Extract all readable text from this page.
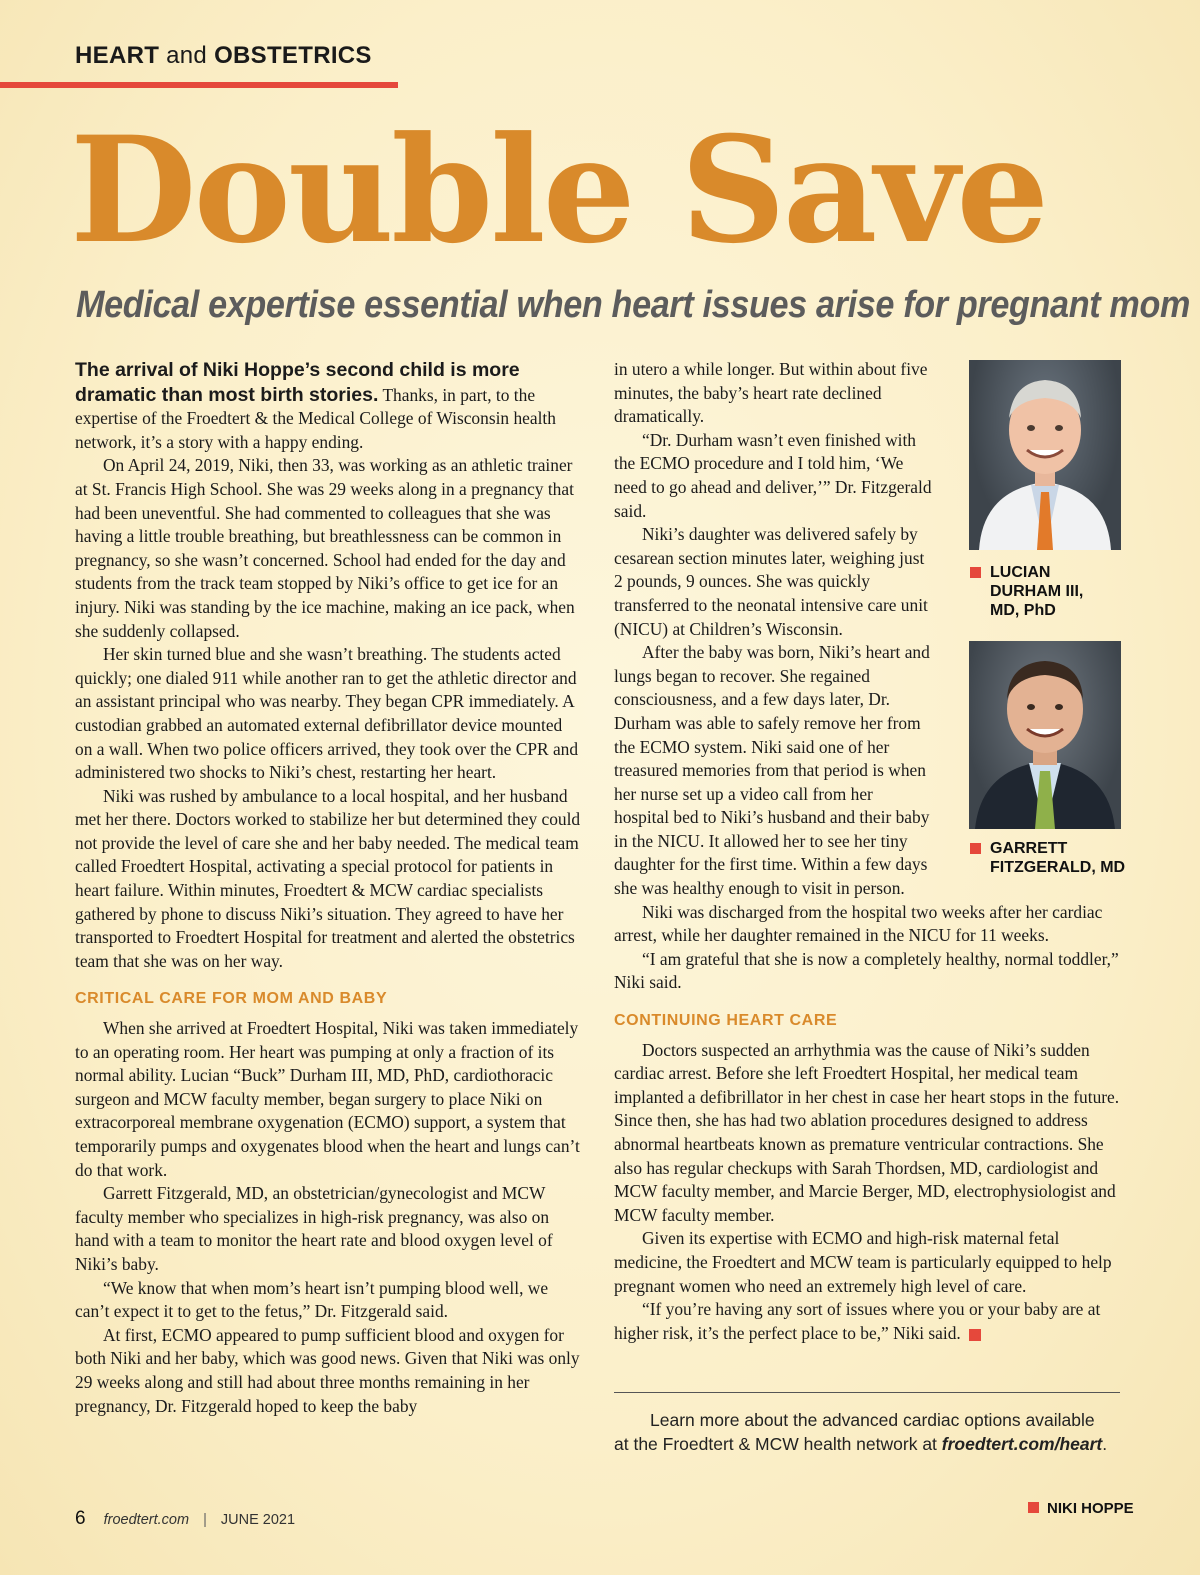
HEART and OBSTETRICS
Double Save
Medical expertise essential when heart issues arise for pregnant mom

The arrival of Niki Hoppe’s second child is more dramatic than most birth stories. Thanks, in part, to the expertise of the Froedtert & the Medical College of Wisconsin health network, it’s a story with a happy ending.

On April 24, 2019, Niki, then 33, was working as an athletic trainer at St. Francis High School. She was 29 weeks along in a pregnancy that had been uneventful. She had commented to colleagues that she was having a little trouble breathing, but breathlessness can be common in pregnancy, so she wasn’t concerned. School had ended for the day and students from the track team stopped by Niki’s office to get ice for an injury. Niki was standing by the ice machine, making an ice pack, when she suddenly collapsed.

Her skin turned blue and she wasn’t breathing. The students acted quickly; one dialed 911 while another ran to get the athletic director and an assistant principal who was nearby. They began CPR immediately. A custodian grabbed an automated external defibrillator device mounted on a wall. When two police officers arrived, they took over the CPR and administered two shocks to Niki’s chest, restarting her heart.

Niki was rushed by ambulance to a local hospital, and her husband met her there. Doctors worked to stabilize her but determined they could not provide the level of care she and her baby needed. The medical team called Froedtert Hospital, activating a special protocol for patients in heart failure. Within minutes, Froedtert & MCW cardiac specialists gathered by phone to discuss Niki’s situation. They agreed to have her transported to Froedtert Hospital for treatment and alerted the obstetrics team that she was on her way.

CRITICAL CARE FOR MOM AND BABY

When she arrived at Froedtert Hospital, Niki was taken immediately to an operating room. Her heart was pumping at only a fraction of its normal ability. Lucian “Buck” Durham III, MD, PhD, cardiothoracic surgeon and MCW faculty member, began surgery to place Niki on extracorporeal membrane oxygenation (ECMO) support, a system that temporarily pumps and oxygenates blood when the heart and lungs can’t do that work.

Garrett Fitzgerald, MD, an obstetrician/gynecologist and MCW faculty member who specializes in high-risk pregnancy, was also on hand with a team to monitor the heart rate and blood oxygen level of Niki’s baby.

“We know that when mom’s heart isn’t pumping blood well, we can’t expect it to get to the fetus,” Dr. Fitzgerald said.

At first, ECMO appeared to pump sufficient blood and oxygen for both Niki and her baby, which was good news. Given that Niki was only 29 weeks along and still had about three months remaining in her pregnancy, Dr. Fitzgerald hoped to keep the baby

in utero a while longer. But within about five minutes, the baby’s heart rate declined dramatically.

“Dr. Durham wasn’t even finished with the ECMO procedure and I told him, ‘We need to go ahead and deliver,’” Dr. Fitzgerald said.

Niki’s daughter was delivered safely by cesarean section minutes later, weighing just 2 pounds, 9 ounces. She was quickly transferred to the neonatal intensive care unit (NICU) at Children’s Wisconsin.

After the baby was born, Niki’s heart and lungs began to recover. She regained consciousness, and a few days later, Dr. Durham was able to safely remove her from the ECMO system. Niki said one of her treasured memories from that period is when her nurse set up a video call from her hospital bed to Niki’s husband and their baby in the NICU. It allowed her to see her tiny daughter for the first time. Within a few days she was healthy enough to visit in person.

Niki was discharged from the hospital two weeks after her cardiac arrest, while her daughter remained in the NICU for 11 weeks.

“I am grateful that she is now a completely healthy, normal toddler,” Niki said.

CONTINUING HEART CARE

Doctors suspected an arrhythmia was the cause of Niki’s sudden cardiac arrest. Before she left Froedtert Hospital, her medical team implanted a defibrillator in her chest in case her heart stops in the future. Since then, she has had two ablation procedures designed to address abnormal heartbeats known as premature ventricular contractions. She also has regular checkups with Sarah Thordsen, MD, cardiologist and MCW faculty member, and Marcie Berger, MD, electrophysiologist and MCW faculty member.

Given its expertise with ECMO and high-risk maternal fetal medicine, the Froedtert and MCW team is particularly equipped to help pregnant women who need an extremely high level of care.

“If you’re having any sort of issues where you or your baby are at higher risk, it’s the perfect place to be,” Niki said.

LUCIAN
DURHAM III,
MD, PhD
GARRETT
FITZGERALD, MD
Learn more about the advanced cardiac options available at the Froedtert & MCW health network at froedtert.com/heart.
6 froedtert.com | JUNE 2021
NIKI HOPPE
